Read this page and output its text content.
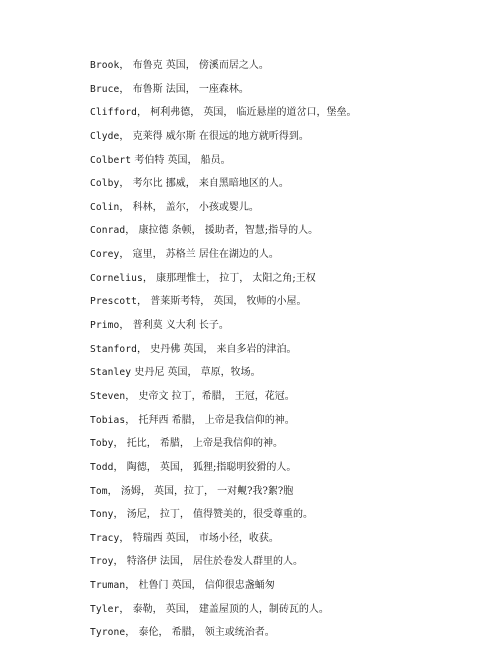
Brook， 布鲁克 英国， 傍溪而居之人。
Bruce， 布鲁斯 法国， 一座森林。
Clifford， 柯利弗德， 英国， 临近悬崖的道岔口，堡垒。
Clyde， 克莱得 威尔斯 在很远的地方就听得到。
Colbert 考伯特 英国， 船员。
Colby， 考尔比 挪威， 来自黑暗地区的人。
Colin， 科林， 盖尔， 小孩或婴儿。
Conrad， 康拉德 条顿， 援助者，智慧;指导的人。
Corey， 寇里， 苏格兰 居住在湖边的人。
Cornelius， 康那理惟士， 拉丁， 太阳之角;王权
Prescott， 普莱斯考特， 英国， 牧师的小屋。
Primo， 普利莫 义大利 长子。
Stanford， 史丹佛 英国， 来自多岩的津泊。
Stanley 史丹尼 英国， 草原，牧场。
Steven， 史帝文 拉丁，希腊， 王冠，花冠。
Tobias， 托拜西 希腊， 上帝是我信仰的神。
Toby， 托比， 希腊， 上帝是我信仰的神。
Todd， 陶德， 英国， 狐狸;指聪明狡猾的人。
Tom， 汤姆， 英国，拉丁， 一对觍?我?絮?胞
Tony， 汤尼， 拉丁， 值得赞美的，很受尊重的。
Tracy， 特瑞西 英国， 市场小径，收获。
Troy， 特洛伊 法国， 居住於卷发人群里的人。
Truman， 杜鲁门 英国， 信仰很忠盏蛹匆
Tyler， 泰勒， 英国， 建盖屋顶的人，制砖瓦的人。
Tyrone， 泰伦， 希腊， 领主或统治者。
